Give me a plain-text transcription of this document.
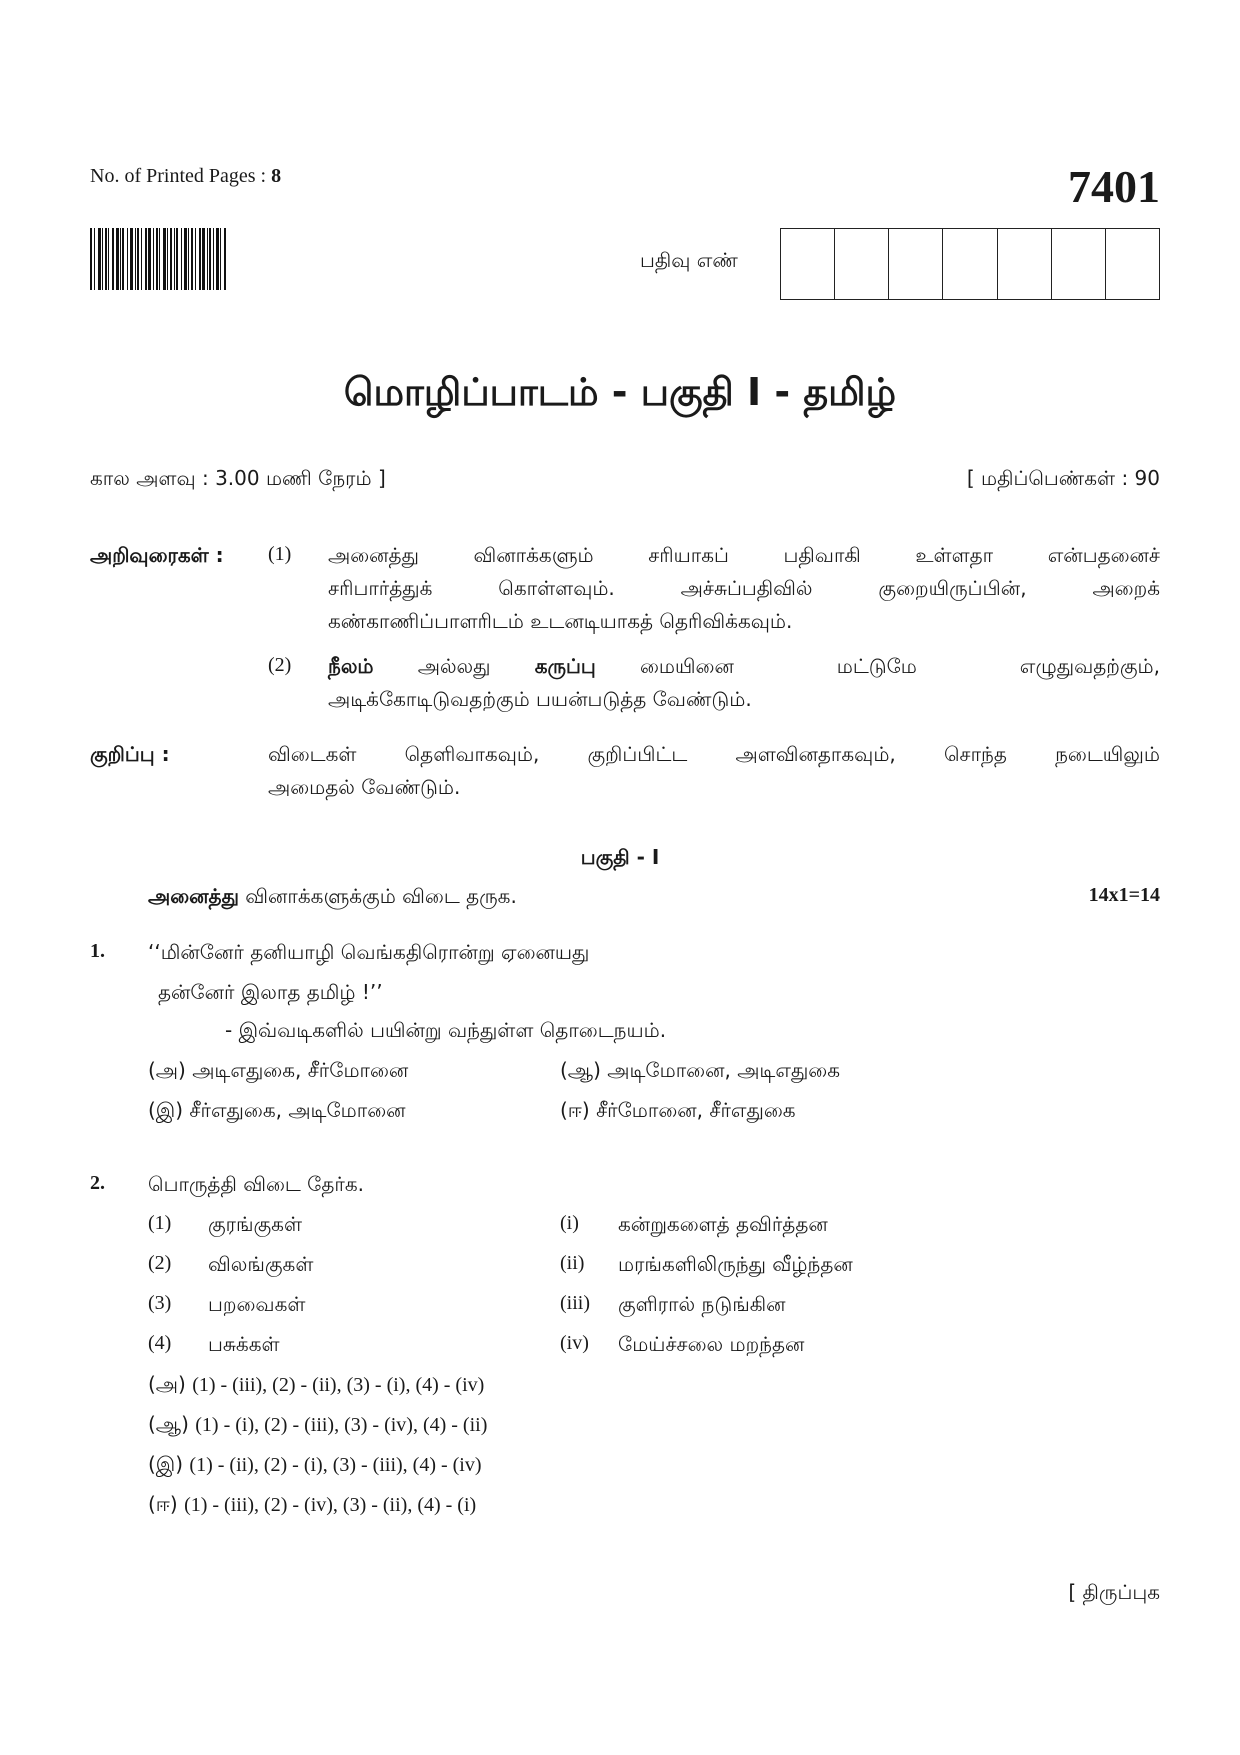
No. of Printed Pages : 8	7401
பதிவு எண்
மொழிப்பாடம் - பகுதி I - தமிழ்
கால அளவு : 3.00 மணி நேரம் ]	[ மதிப்பெண்கள் : 90
அறிவுரைகள் : (1) அனைத்து வினாக்களும் சரியாகப் பதிவாகி உள்ளதா என்பதனைச்
சரிபார்த்துக் கொள்ளவும். அச்சுப்பதிவில் குறையிருப்பின், அறைக்
கண்காணிப்பாளரிடம் உடனடியாகத் தெரிவிக்கவும்.
(2) நீலம் அல்லது கருப்பு மையினை மட்டுமே எழுதுவதற்கும்,
அடிக்கோடிடுவதற்கும் பயன்படுத்த வேண்டும்.
குறிப்பு :	விடைகள் தெளிவாகவும், குறிப்பிட்ட அளவினதாகவும், சொந்த நடையிலும்
அமைதல் வேண்டும்.
பகுதி - I
அனைத்து வினாக்களுக்கும் விடை தருக.	14x1=14
1. ‘‘மின்னேர் தனியாழி வெங்கதிரொன்று ஏனையது
தன்னேர் இலாத தமிழ் !’’
- இவ்வடிகளில் பயின்று வந்துள்ள தொடைநயம்.
(அ) அடிஎதுகை, சீர்மோனை	(ஆ) அடிமோனை, அடிஎதுகை
(இ) சீர்எதுகை, அடிமோனை	(ஈ) சீர்மோனை, சீர்எதுகை
2. பொருத்தி விடை தேர்க.
(1) குரங்குகள்	(i) கன்றுகளைத் தவிர்த்தன
(2) விலங்குகள்	(ii) மரங்களிலிருந்து வீழ்ந்தன
(3) பறவைகள்	(iii) குளிரால் நடுங்கின
(4) பசுக்கள்	(iv) மேய்ச்சலை மறந்தன
(அ) (1) - (iii), (2) - (ii), (3) - (i), (4) - (iv)
(ஆ) (1) - (i), (2) - (iii), (3) - (iv), (4) - (ii)
(இ) (1) - (ii), (2) - (i), (3) - (iii), (4) - (iv)
(ஈ) (1) - (iii), (2) - (iv), (3) - (ii), (4) - (i)
[ திருப்புக
